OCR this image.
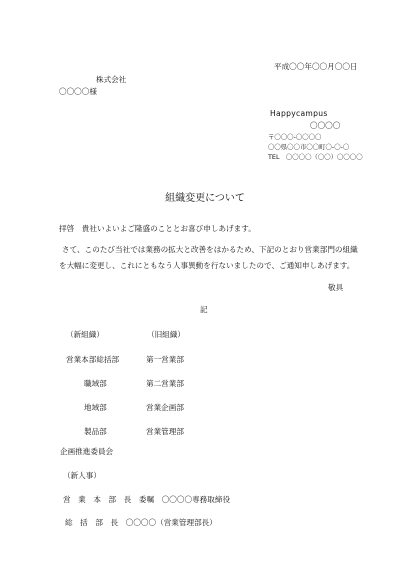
平成〇〇年〇〇月〇〇日
株式会社
〇〇〇〇様
Happycampus
〇〇〇〇
〒〇〇〇-〇〇〇〇
〇〇県〇〇市〇〇町〇-〇-〇
TEL　〇〇〇〇（〇〇）〇〇〇〇
組織変更について
拝啓　貴社いよいよご隆盛のこととお喜び申しあげます。
さて、このたび当社では業務の拡大と改善をはかるため、下記のとおり営業部門の組織
を大幅に変更し、これにともなう人事異動を行ないましたので、ご通知申しあげます。
敬具
記
（新組織）	（旧組織）
営業本部総括部	第一営業部
職域部	第二営業部
地域部	営業企画部
製品部	営業管理部
企画推進委員会
（新人事）
営　業　本　部　長　委嘱　〇〇〇〇専務取締役
総　括　部　長　〇〇〇〇（営業管理部長）
